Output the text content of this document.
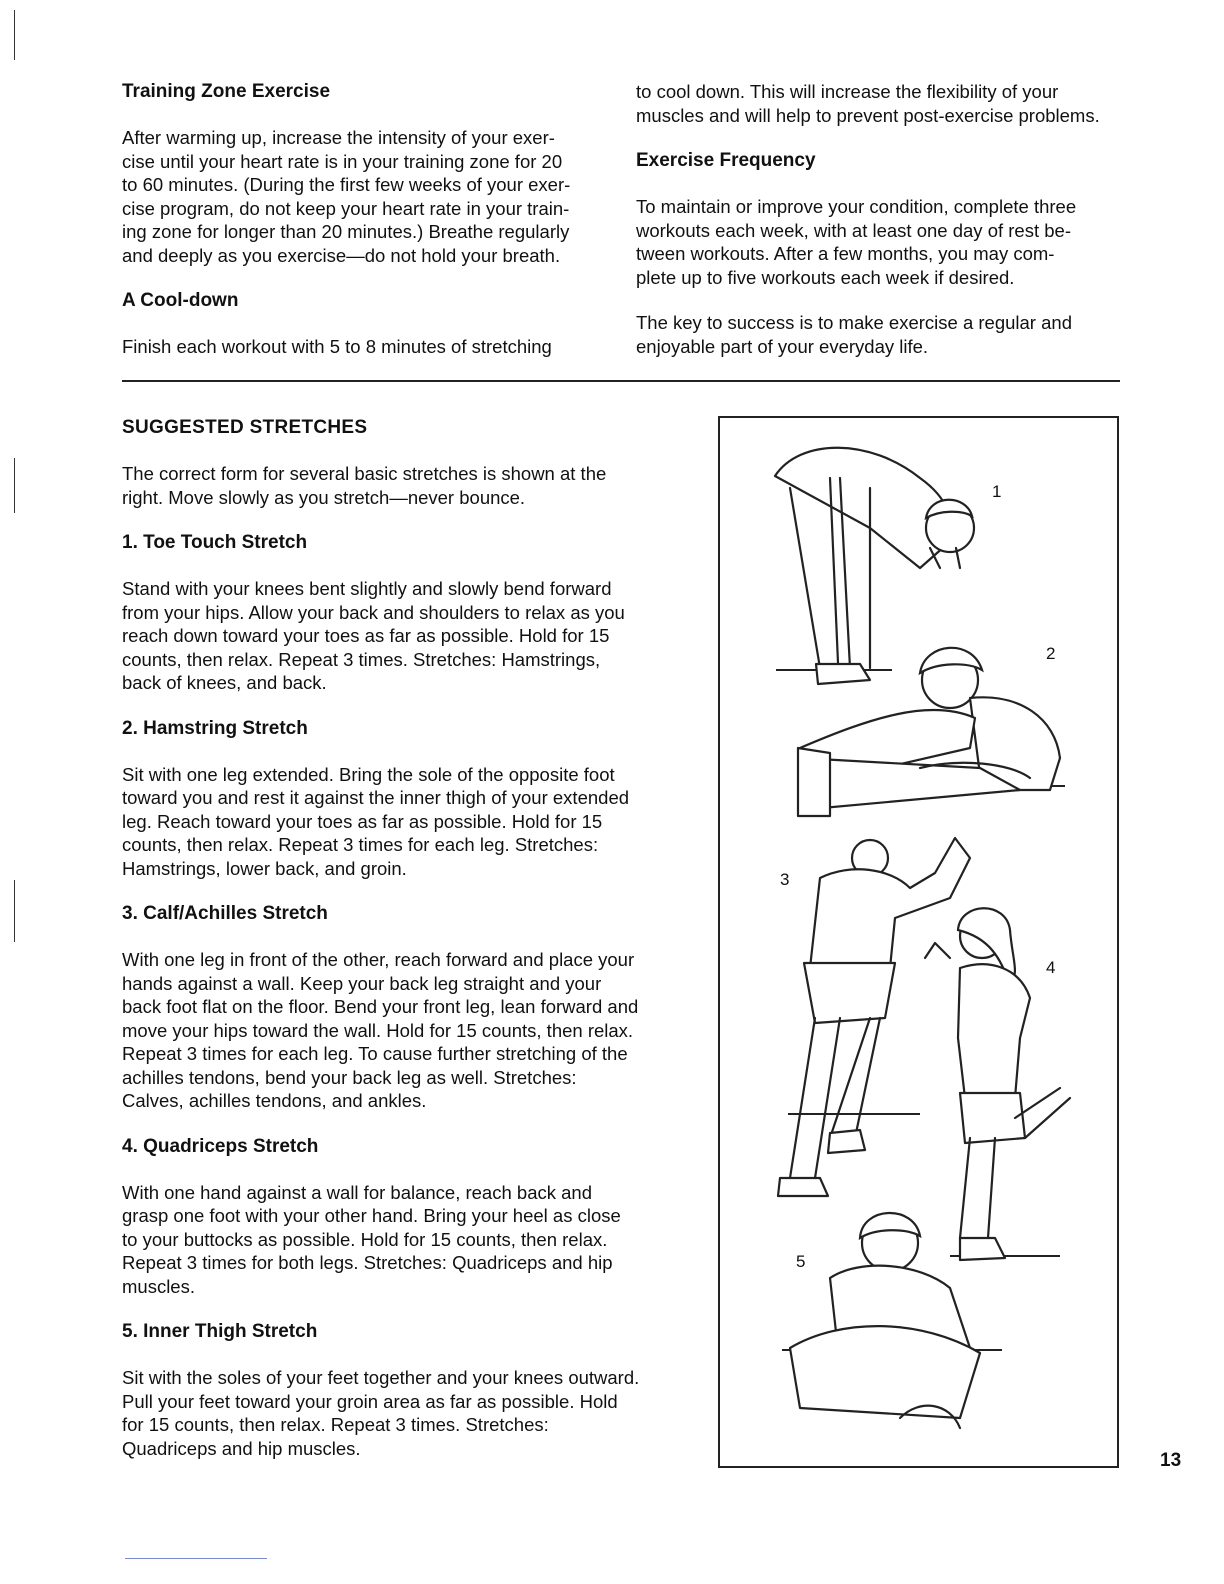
Training Zone Exercise

After warming up, increase the intensity of your exer-

cise until your heart rate is in your training zone for 20

to 60 minutes. (During the first few weeks of your exer-

cise program, do not keep your heart rate in your train-

ing zone for longer than 20 minutes.) Breathe regularly

and deeply as you exercise—do not hold your breath.

A Cool-down

Finish each workout with 5 to 8 minutes of stretching

to cool down. This will increase the flexibility of your

muscles and will help to prevent post-exercise problems.

Exercise Frequency

To maintain or improve your condition, complete three

workouts each week, with at least one day of rest be-

tween workouts. After a few months, you may com-

plete up to five workouts each week if desired.

The key to success is to make exercise a regular and

enjoyable part of your everyday life.

SUGGESTED STRETCHES

The correct form for several basic stretches is shown at the

right. Move slowly as you stretch—never bounce.

1. Toe Touch Stretch

Stand with your knees bent slightly and slowly bend forward

from your hips. Allow your back and shoulders to relax as you

reach down toward your toes as far as possible. Hold for 15

counts, then relax. Repeat 3 times. Stretches: Hamstrings,

back of knees, and back.

2. Hamstring Stretch

Sit with one leg extended. Bring the sole of the opposite foot

toward you and rest it against the inner thigh of your extended

leg. Reach toward your toes as far as possible. Hold for 15

counts, then relax. Repeat 3 times for each leg. Stretches:

Hamstrings, lower back, and groin.

3. Calf/Achilles Stretch

With one leg in front of the other, reach forward and place your

hands against a wall. Keep your back leg straight and your

back foot flat on the floor. Bend your front leg, lean forward and

move your hips toward the wall. Hold for 15 counts, then relax.

Repeat 3 times for each leg. To cause further stretching of the

achilles tendons, bend your back leg as well. Stretches:

Calves, achilles tendons, and ankles.

4. Quadriceps Stretch

With one hand against a wall for balance, reach back and

grasp one foot with your other hand. Bring your heel as close

to your buttocks as possible. Hold for 15 counts, then relax.

Repeat 3 times for both legs. Stretches: Quadriceps and hip

muscles.

5. Inner Thigh Stretch

Sit with the soles of your feet together and your knees outward.

Pull your feet toward your groin area as far as possible. Hold

for 15 counts, then relax. Repeat 3 times. Stretches:

Quadriceps and hip muscles.

1
2
3
4
5
13
